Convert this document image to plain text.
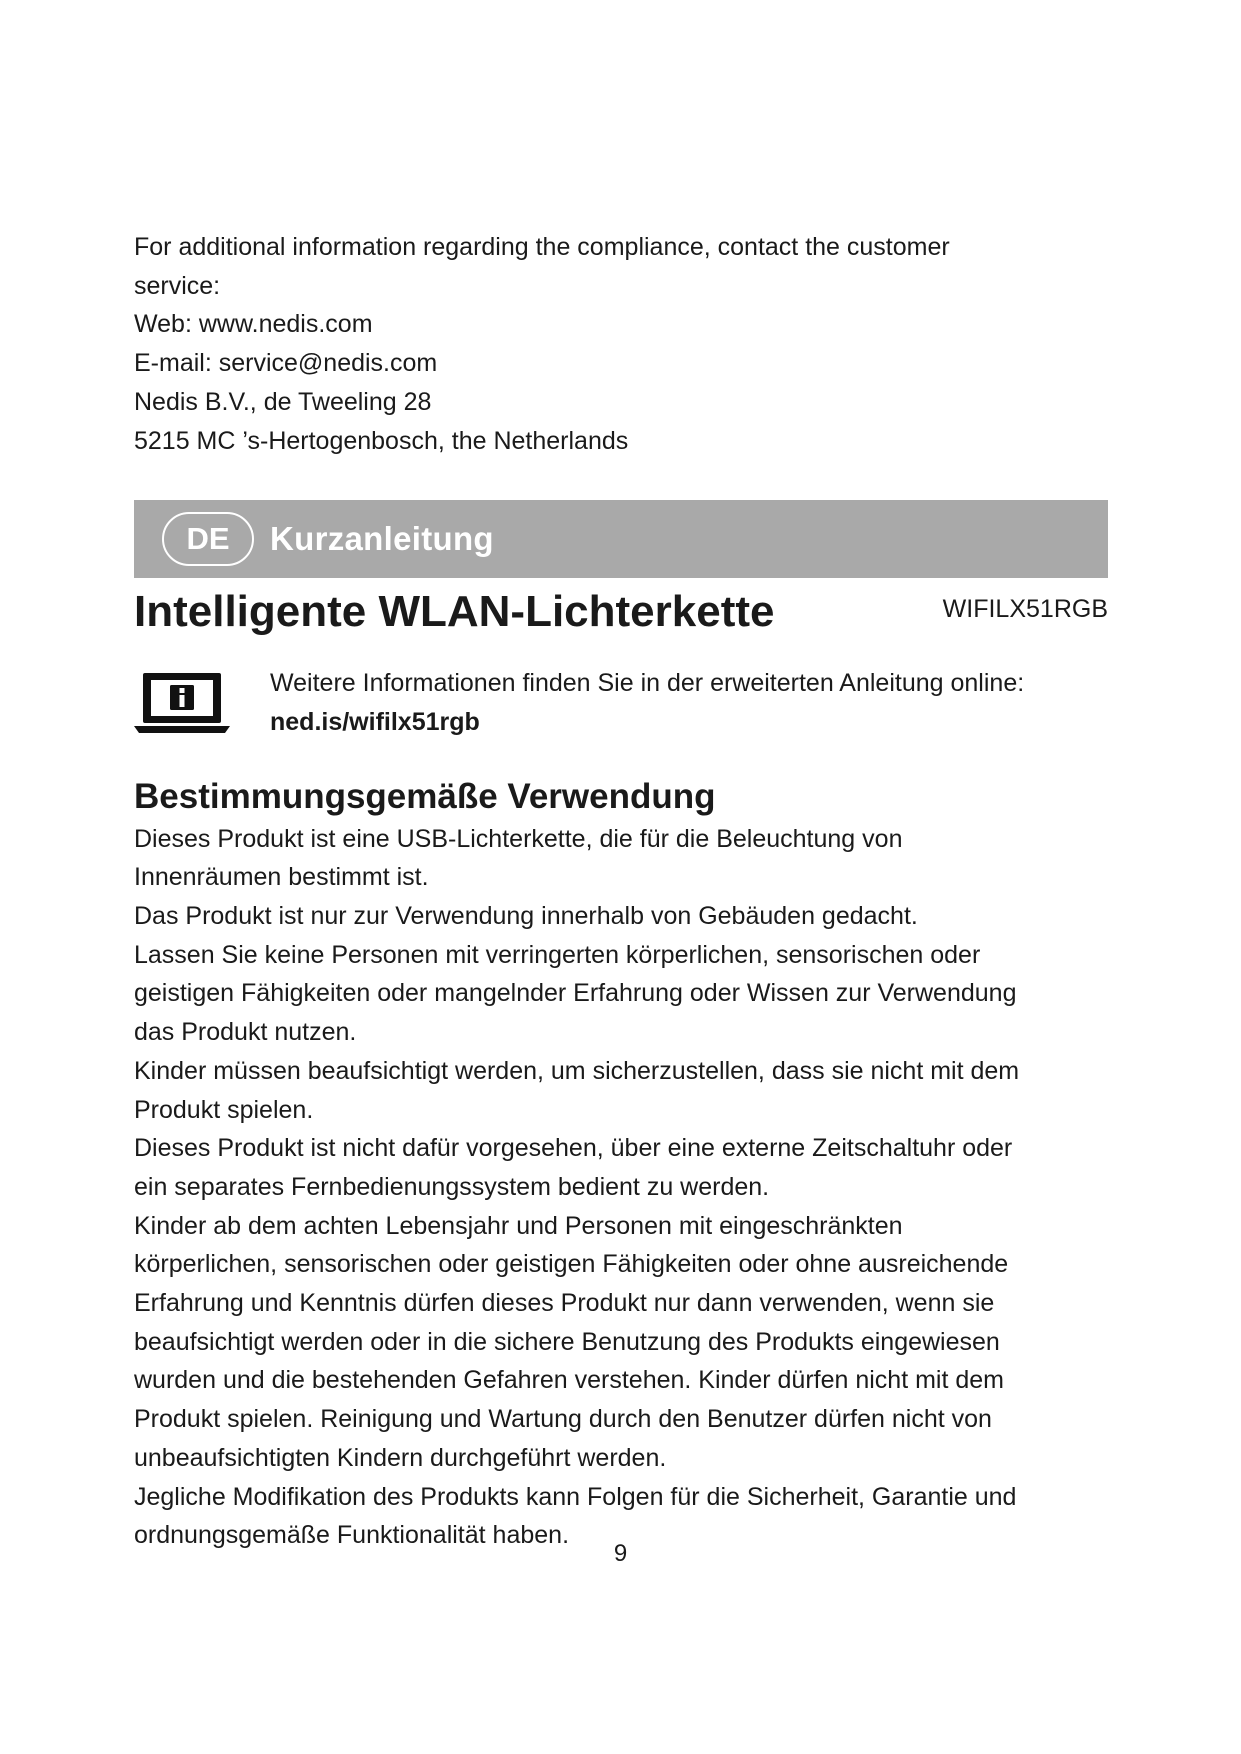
For additional information regarding the compliance, contact the customer

service:

Web: www.nedis.com

E-mail: service@nedis.com

Nedis B.V., de Tweeling 28

5215 MC ’s-Hertogenbosch, the Netherlands

DE	Kurzanleitung
Intelligente WLAN-Lichterkette	WIFILX51RGB

Weitere Informationen finden Sie in der erweiterten Anleitung online:

ned.is/wifilx51rgb

Bestimmungsgemäße Verwendung

Dieses Produkt ist eine USB-Lichterkette, die für die Beleuchtung von

Innenräumen bestimmt ist.

Das Produkt ist nur zur Verwendung innerhalb von Gebäuden gedacht.

Lassen Sie keine Personen mit verringerten körperlichen, sensorischen oder

geistigen Fähigkeiten oder mangelnder Erfahrung oder Wissen zur Verwendung

das Produkt nutzen.

Kinder müssen beaufsichtigt werden, um sicherzustellen, dass sie nicht mit dem

Produkt spielen.

Dieses Produkt ist nicht dafür vorgesehen, über eine externe Zeitschaltuhr oder

ein separates Fernbedienungssystem bedient zu werden.

Kinder ab dem achten Lebensjahr und Personen mit eingeschränkten

körperlichen, sensorischen oder geistigen Fähigkeiten oder ohne ausreichende

Erfahrung und Kenntnis dürfen dieses Produkt nur dann verwenden, wenn sie

beaufsichtigt werden oder in die sichere Benutzung des Produkts eingewiesen

wurden und die bestehenden Gefahren verstehen. Kinder dürfen nicht mit dem

Produkt spielen. Reinigung und Wartung durch den Benutzer dürfen nicht von

unbeaufsichtigten Kindern durchgeführt werden.

Jegliche Modifikation des Produkts kann Folgen für die Sicherheit, Garantie und

ordnungsgemäße Funktionalität haben.

9
